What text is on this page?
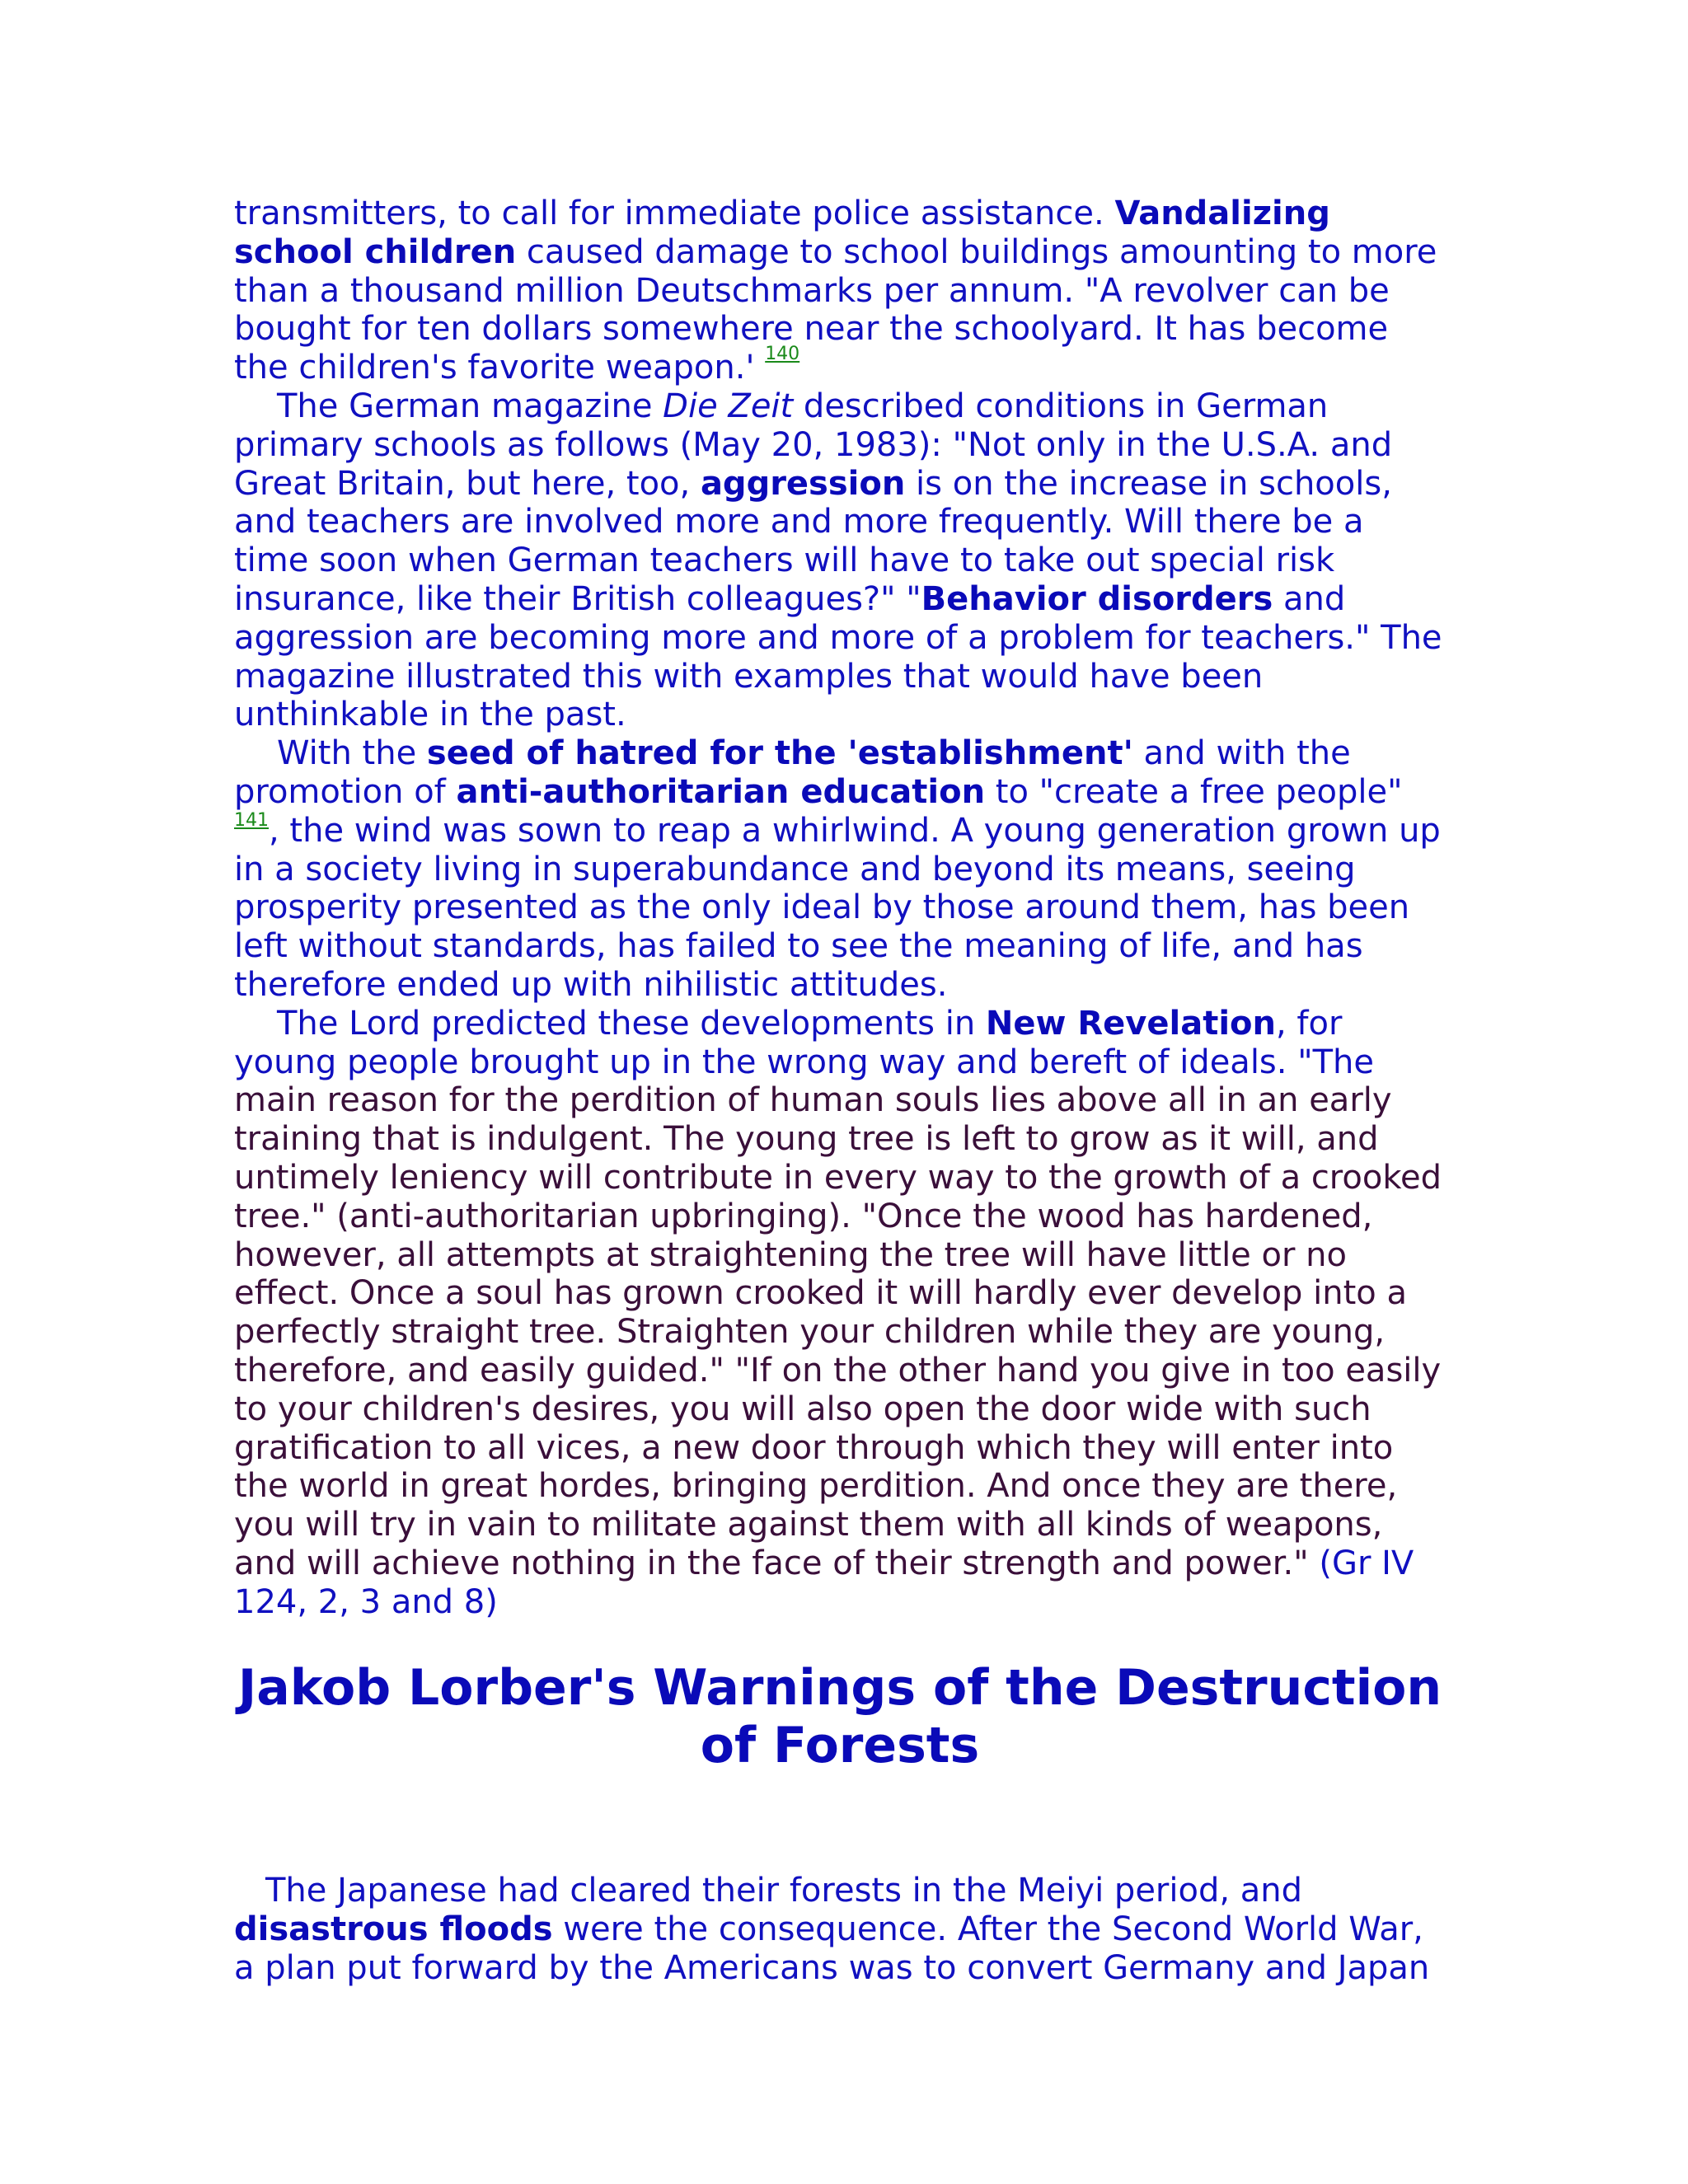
transmitters, to call for immediate police assistance. Vandalizing school children caused damage to school buildings amounting to more than a thousand million Deutschmarks per annum. "A revolver can be bought for ten dollars somewhere near the schoolyard. It has become the children's favorite weapon.' $^{140}$

The German magazine Die Zeit described conditions in German primary schools as follows (May 20, 1983): "Not only in the U.S.A. and Great Britain, but here, too, aggression is on the increase in schools, and teachers are involved more and more frequently. Will there be a time soon when German teachers will have to take out special risk insurance, like their British colleagues?" "Behavior disorders and aggression are becoming more and more of a problem for teachers." The magazine illustrated this with examples that would have been unthinkable in the past.

With the seed of hatred for the 'establishment' and with the promotion of anti-authoritarian education to "create a free people" $^{141}$, the wind was sown to reap a whirlwind. A young generation grown up in a society living in superabundance and beyond its means, seeing prosperity presented as the only ideal by those around them, has been left without standards, has failed to see the meaning of life, and has therefore ended up with nihilistic attitudes.

The Lord predicted these developments in New Revelation, for young people brought up in the wrong way and bereft of ideals. "The main reason for the perdition of human souls lies above all in an early training that is indulgent. The young tree is left to grow as it will, and untimely leniency will contribute in every way to the growth of a crooked tree." (anti-authoritarian upbringing). "Once the wood has hardened, however, all attempts at straightening the tree will have little or no effect. Once a soul has grown crooked it will hardly ever develop into a perfectly straight tree. Straighten your children while they are young, therefore, and easily guided." "If on the other hand you give in too easily to your children's desires, you will also open the door wide with such gratification to all vices, a new door through which they will enter into the world in great hordes, bringing perdition. And once they are there, you will try in vain to militate against them with all kinds of weapons, and will achieve nothing in the face of their strength and power." (Gr IV 124, 2, 3 and 8)

Jakob Lorber's Warnings of the Destruction of Forests

The Japanese had cleared their forests in the Meiyi period, and disastrous floods were the consequence. After the Second World War, a plan put forward by the Americans was to convert Germany and Japan
